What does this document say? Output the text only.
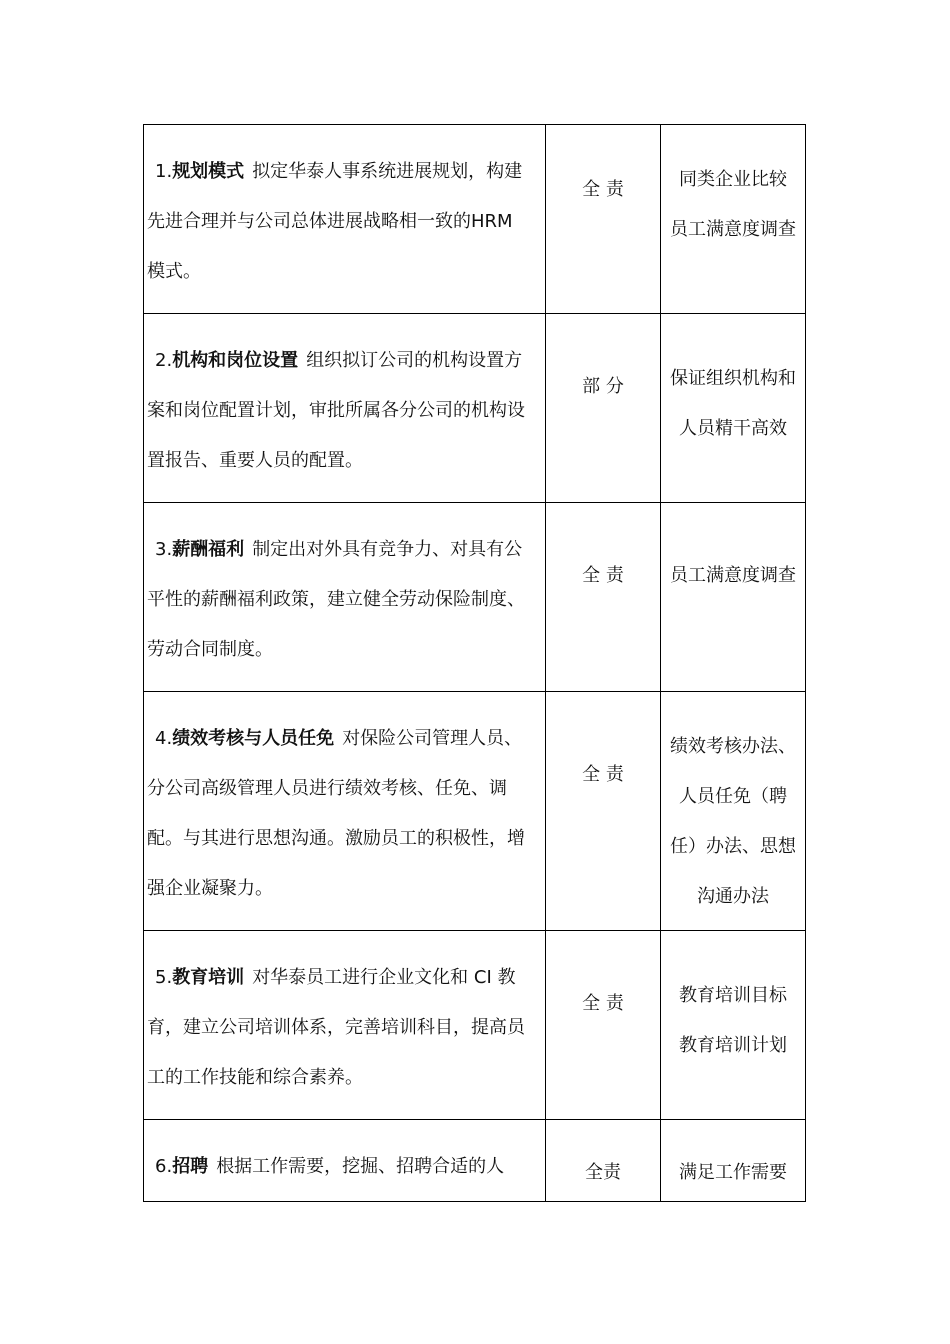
1.规划模式 拟定华泰人事系统进展规划，构建先进合理并与公司总体进展战略相一致的HRM 模式。	全 责	同类企业比较
员工满意度调查

2.机构和岗位设置 组织拟订公司的机构设置方案和岗位配置计划，审批所属各分公司的机构设置报告、重要人员的配置。	部 分	保证组织机构和
人员精干高效

3.薪酬福利 制定出对外具有竞争力、对具有公平性的薪酬福利政策，建立健全劳动保险制度、劳动合同制度。	全 责	员工满意度调查

4.绩效考核与人员任免 对保险公司管理人员、分公司高级管理人员进行绩效考核、任免、调配。与其进行思想沟通。激励员工的积极性，增强企业凝聚力。	全 责	绩效考核办法、
人员任免（聘
任）办法、思想
沟通办法

5.教育培训 对华泰员工进行企业文化和 CI 教育，建立公司培训体系，完善培训科目，提高员工的工作技能和综合素养。	全 责	教育培训目标
教育培训计划

6.招聘 根据工作需要，挖掘、招聘合适的人	全责	满足工作需要
